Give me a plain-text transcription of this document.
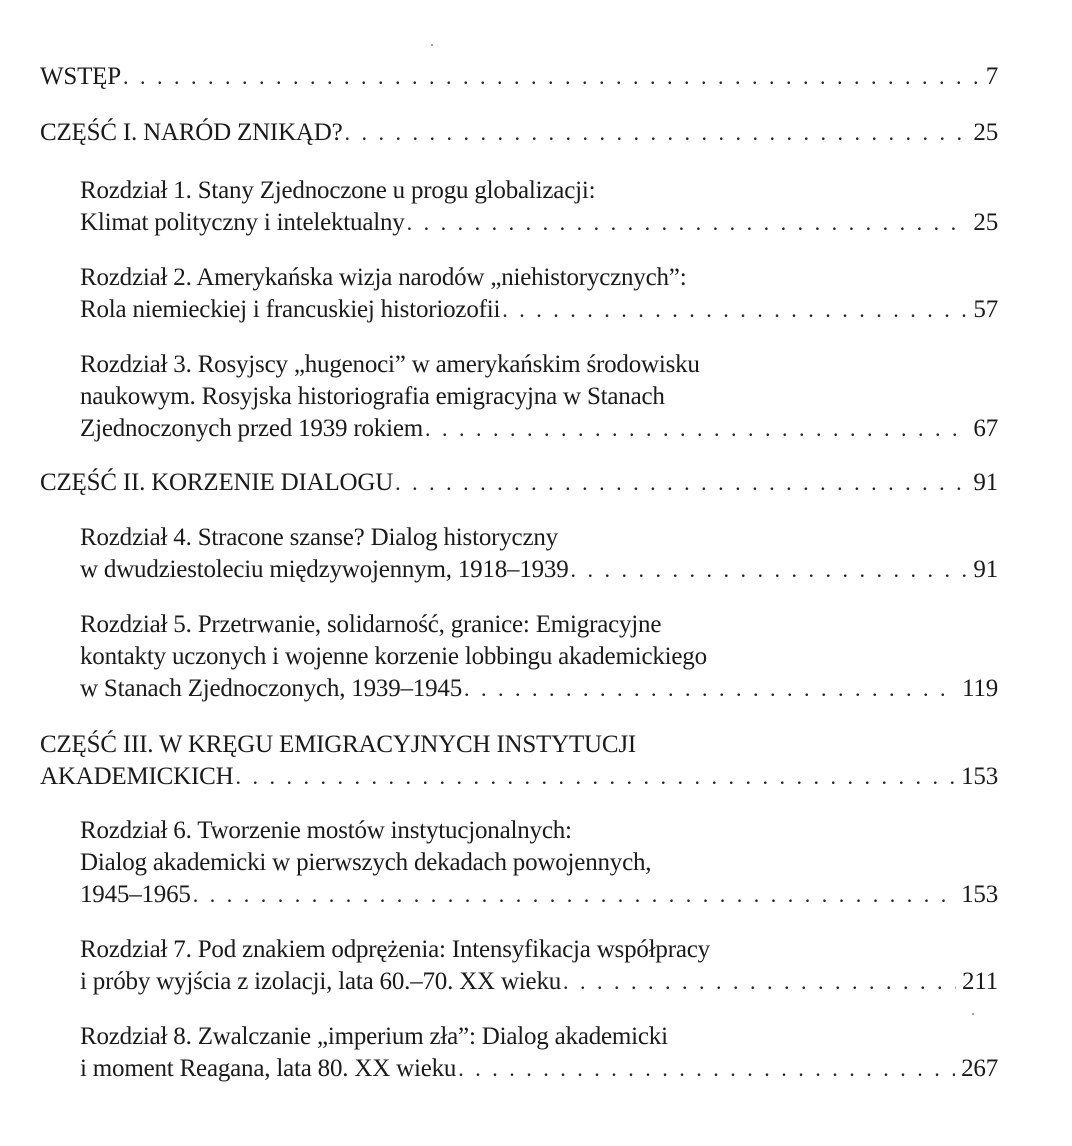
WSTĘP . . .	7
CZĘŚĆ I. NARÓD ZNIKĄD? . . .	25
Rozdział 1. Stany Zjednoczone u progu globalizacji:
Klimat polityczny i intelektualny . . .	25
Rozdział 2. Amerykańska wizja narodów „niehistorycznych”:
Rola niemieckiej i francuskiej historiozofii . . .	57
Rozdział 3. Rosyjscy „hugenoci” w amerykańskim środowisku
naukowym. Rosyjska historiografia emigracyjna w Stanach
Zjednoczonych przed 1939 rokiem . . .	67
CZĘŚĆ II. KORZENIE DIALOGU . . .	91
Rozdział 4. Stracone szanse? Dialog historyczny
w dwudziestoleciu międzywojennym, 1918–1939 . . .	91
Rozdział 5. Przetrwanie, solidarność, granice: Emigracyjne
kontakty uczonych i wojenne korzenie lobbingu akademickiego
w Stanach Zjednoczonych, 1939–1945 . . .	119
CZĘŚĆ III. W KRĘGU EMIGRACYJNYCH INSTYTUCJI
AKADEMICKICH . . .	153
Rozdział 6. Tworzenie mostów instytucjonalnych:
Dialog akademicki w pierwszych dekadach powojennych,
1945–1965 . . .	153
Rozdział 7. Pod znakiem odprężenia: Intensyfikacja współpracy
i próby wyjścia z izolacji, lata 60.–70. XX wieku . . .	211
Rozdział 8. Zwalczanie „imperium zła”: Dialog akademicki
i moment Reagana, lata 80. XX wieku . . .	267
